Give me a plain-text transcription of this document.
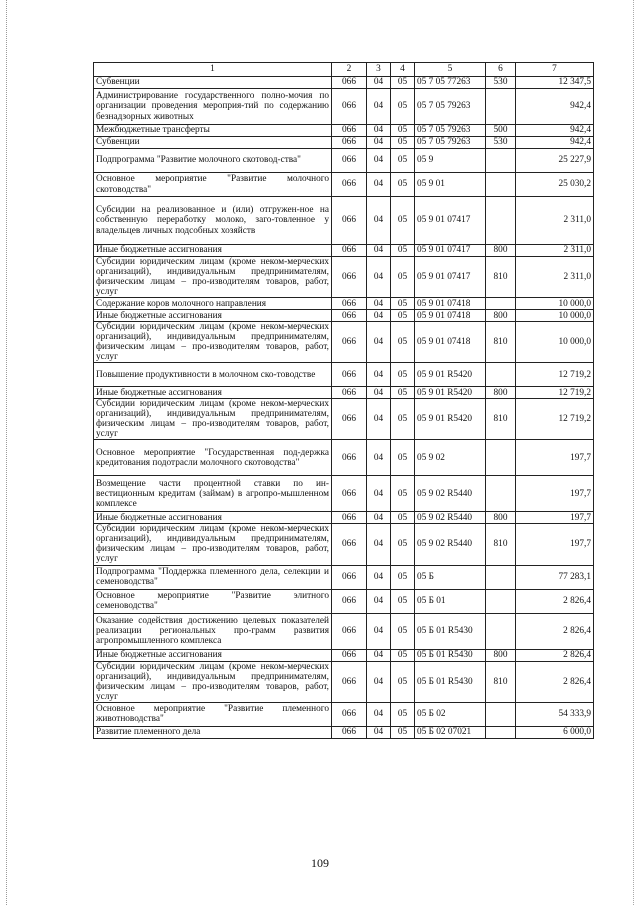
1	2	3	4	5	6	7
Субвенции	066	04	05	05 7 05 77263	530	12 347,5
Администрирование государственного полно-мочия по организации проведения мероприя-тий по содержанию безнадзорных животных	066	04	05	05 7 05 79263		942,4
Межбюджетные трансферты	066	04	05	05 7 05 79263	500	942,4
Субвенции	066	04	05	05 7 05 79263	530	942,4
Подпрограмма "Развитие молочного скотовод-ства"	066	04	05	05 9		25 227,9
Основное мероприятие "Развитие молочного скотоводства"	066	04	05	05 9 01		25 030,2
Субсидии на реализованное и (или) отгружен-ное на собственную переработку молоко, заго-товленное у владельцев личных подсобных хозяйств	066	04	05	05 9 01 07417		2 311,0
Иные бюджетные ассигнования	066	04	05	05 9 01 07417	800	2 311,0
Субсидии юридическим лицам (кроме неком-мерческих организаций), индивидуальным предпринимателям, физическим лицам – про-изводителям товаров, работ, услуг	066	04	05	05 9 01 07417	810	2 311,0
Содержание коров молочного направления	066	04	05	05 9 01 07418		10 000,0
Иные бюджетные ассигнования	066	04	05	05 9 01 07418	800	10 000,0
Субсидии юридическим лицам (кроме неком-мерческих организаций), индивидуальным предпринимателям, физическим лицам – про-изводителям товаров, работ, услуг	066	04	05	05 9 01 07418	810	10 000,0
Повышение продуктивности в молочном ско-товодстве	066	04	05	05 9 01 R5420		12 719,2
Иные бюджетные ассигнования	066	04	05	05 9 01 R5420	800	12 719,2
Субсидии юридическим лицам (кроме неком-мерческих организаций), индивидуальным предпринимателям, физическим лицам – про-изводителям товаров, работ, услуг	066	04	05	05 9 01 R5420	810	12 719,2
Основное мероприятие "Государственная под-держка кредитования подотрасли молочного скотоводства"	066	04	05	05 9 02		197,7
Возмещение части процентной ставки по ин-вестиционным кредитам (займам) в агропро-мышленном комплексе	066	04	05	05 9 02 R5440		197,7
Иные бюджетные ассигнования	066	04	05	05 9 02 R5440	800	197,7
Субсидии юридическим лицам (кроме неком-мерческих организаций), индивидуальным предпринимателям, физическим лицам – про-изводителям товаров, работ, услуг	066	04	05	05 9 02 R5440	810	197,7
Подпрограмма "Поддержка племенного дела, селекции и семеноводства"	066	04	05	05 Б		77 283,1
Основное мероприятие "Развитие элитного семеноводства"	066	04	05	05 Б 01		2 826,4
Оказание содействия достижению целевых показателей реализации региональных про-грамм развития агропромышленного комплекса	066	04	05	05 Б 01 R5430		2 826,4
Иные бюджетные ассигнования	066	04	05	05 Б 01 R5430	800	2 826,4
Субсидии юридическим лицам (кроме неком-мерческих организаций), индивидуальным предпринимателям, физическим лицам – про-изводителям товаров, работ, услуг	066	04	05	05 Б 01 R5430	810	2 826,4
Основное мероприятие "Развитие племенного животноводства"	066	04	05	05 Б 02		54 333,9
Развитие племенного дела	066	04	05	05 Б 02 07021		6 000,0
109
